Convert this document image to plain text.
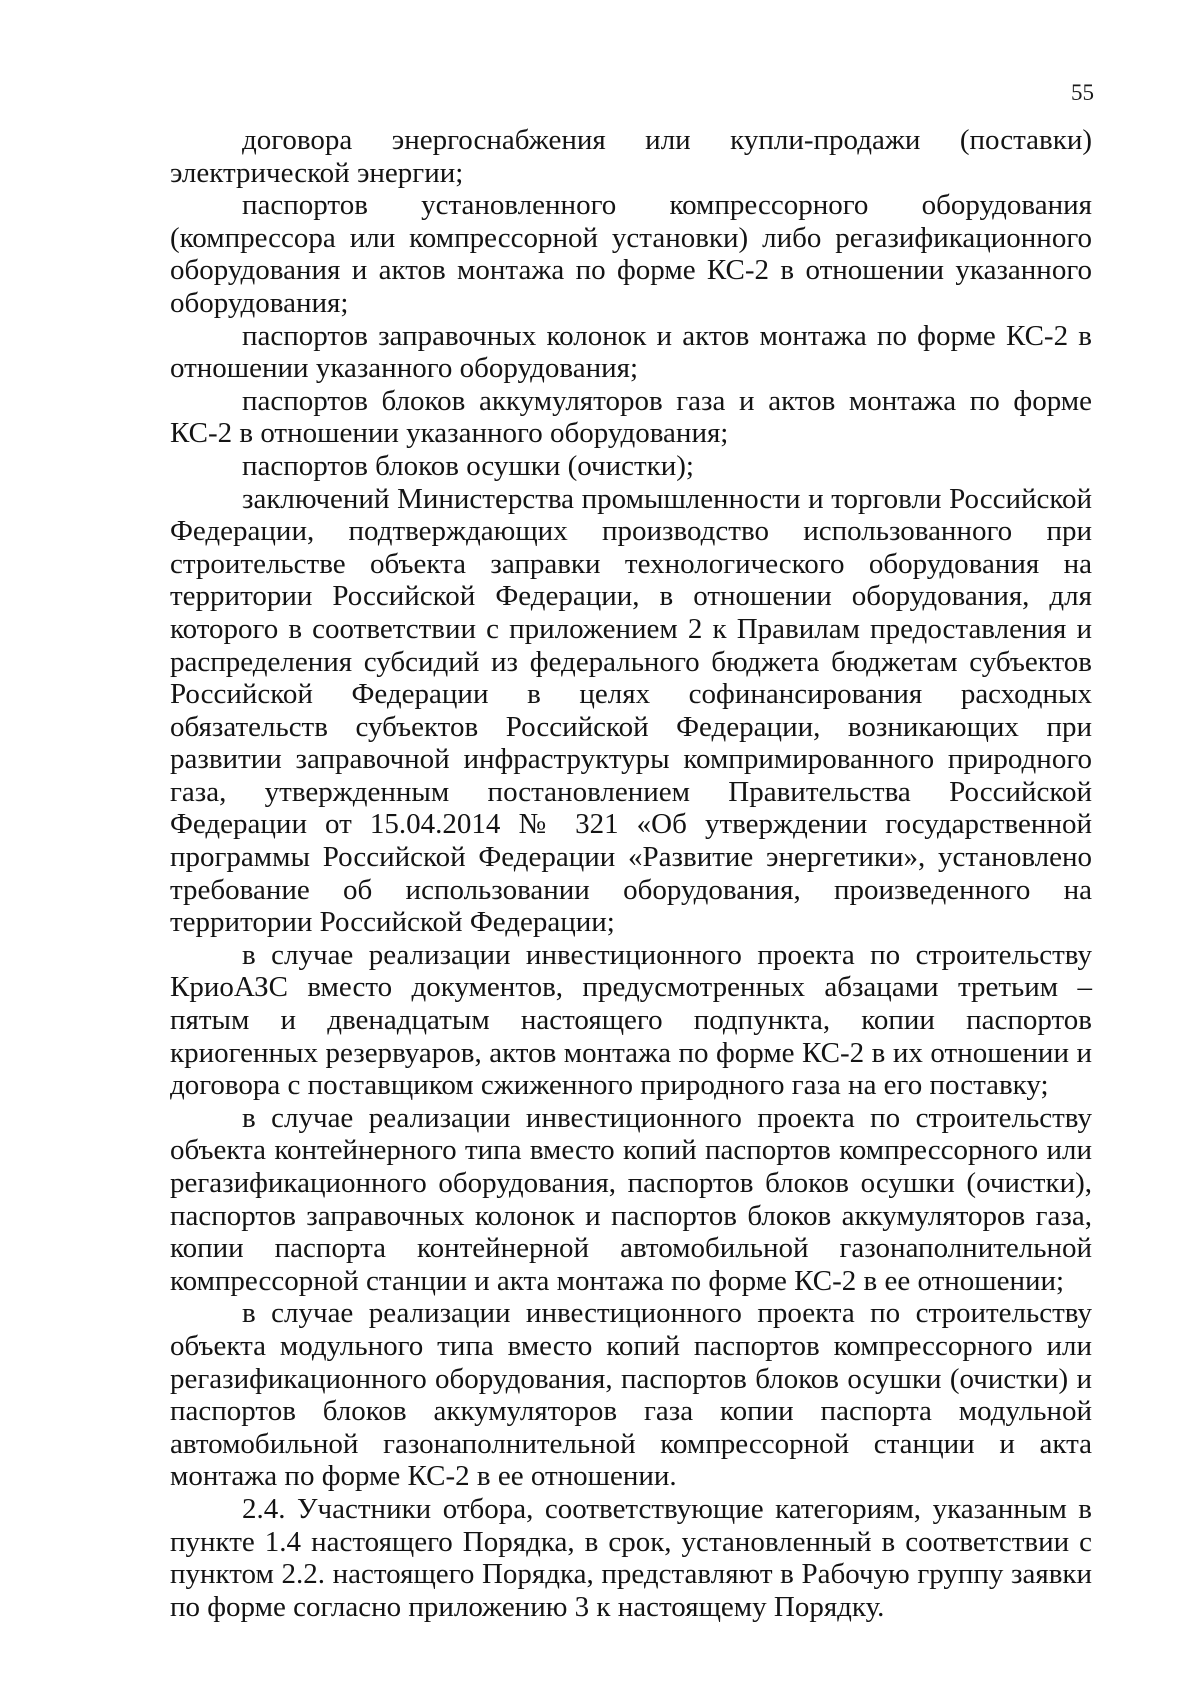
55

договора энергоснабжения или купли-продажи (поставки) электрической энергии;

паспортов установленного компрессорного оборудования (компрессора или компрессорной установки) либо регазификационного оборудования и актов монтажа по форме КС-2 в отношении указанного оборудования;

паспортов заправочных колонок и актов монтажа по форме КС-2 в отношении указанного оборудования;

паспортов блоков аккумуляторов газа и актов монтажа по форме КС-2 в отношении указанного оборудования;

паспортов блоков осушки (очистки);

заключений Министерства промышленности и торговли Российской Федерации, подтверждающих производство использованного при строительстве объекта заправки технологического оборудования на территории Российской Федерации, в отношении оборудования, для которого в соответствии с приложением 2 к Правилам предоставления и распределения субсидий из федерального бюджета бюджетам субъектов Российской Федерации в целях софинансирования расходных обязательств субъектов Российской Федерации, возникающих при развитии заправочной инфраструктуры компримированного природного газа, утвержденным постановлением Правительства Российской Федерации от 15.04.2014 № 321 «Об утверждении государственной программы Российской Федерации «Развитие энергетики», установлено требование об использовании оборудования, произведенного на территории Российской Федерации;

в случае реализации инвестиционного проекта по строительству КриоАЗС вместо документов, предусмотренных абзацами третьим – пятым и двенадцатым настоящего подпункта, копии паспортов криогенных резервуаров, актов монтажа по форме КС-2 в их отношении и договора с поставщиком сжиженного природного газа на его поставку;

в случае реализации инвестиционного проекта по строительству объекта контейнерного типа вместо копий паспортов компрессорного или регазификационного оборудования, паспортов блоков осушки (очистки), паспортов заправочных колонок и паспортов блоков аккумуляторов газа, копии паспорта контейнерной автомобильной газонаполнительной компрессорной станции и акта монтажа по форме КС-2 в ее отношении;

в случае реализации инвестиционного проекта по строительству объекта модульного типа вместо копий паспортов компрессорного или регазификационного оборудования, паспортов блоков осушки (очистки) и паспортов блоков аккумуляторов газа копии паспорта модульной автомобильной газонаполнительной компрессорной станции и акта монтажа по форме КС-2 в ее отношении.

2.4. Участники отбора, соответствующие категориям, указанным в пункте 1.4 настоящего Порядка, в срок, установленный в соответствии с пунктом 2.2. настоящего Порядка, представляют в Рабочую группу заявки по форме согласно приложению 3 к настоящему Порядку.
